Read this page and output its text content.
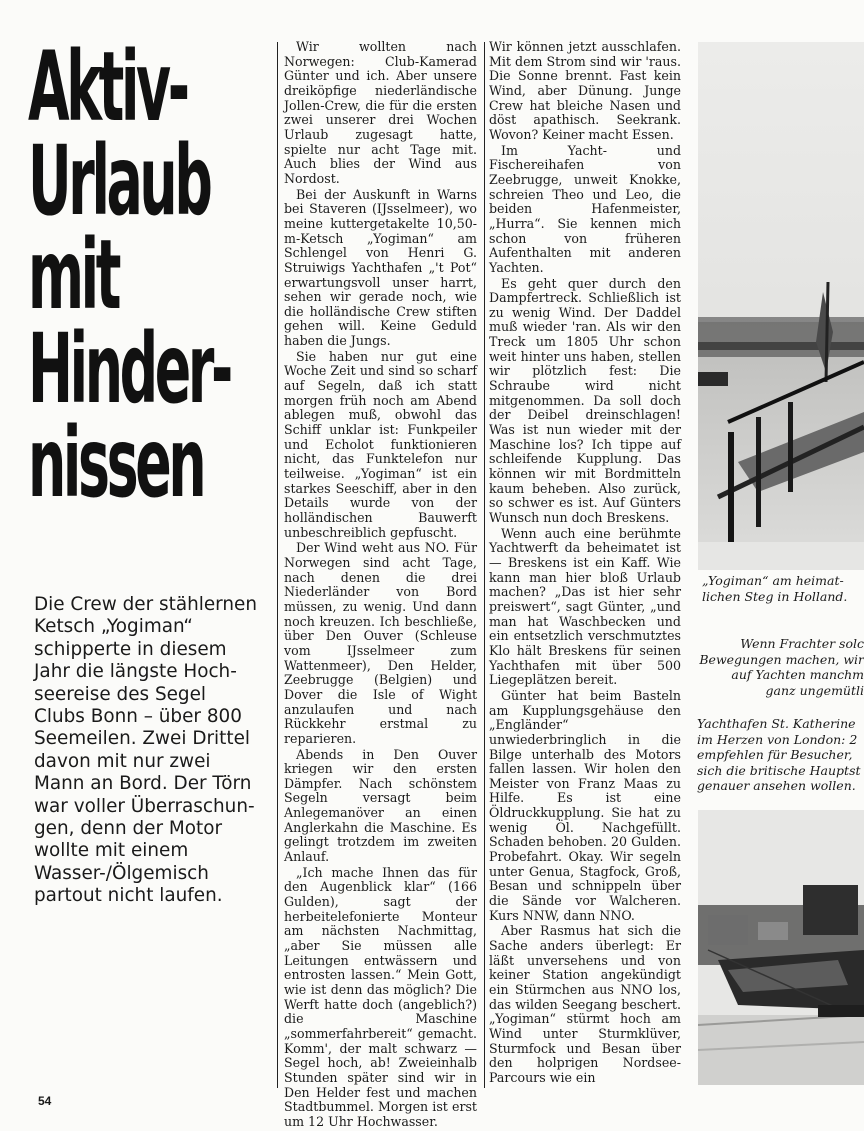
Aktiv-
Urlaub
mit
Hinder-
nissen

Die Crew der stählernen
Ketsch „Yogiman“
schipperte in diesem
Jahr die längste Hoch-
seereise des Segel
Clubs Bonn – über 800
Seemeilen. Zwei Drittel
davon mit nur zwei
Mann an Bord. Der Törn
war voller Überraschun-
gen, denn der Motor
wollte mit einem
Wasser-/Ölgemisch
partout nicht laufen.

Wir wollten nach Norwegen: Club-Kamerad Günter und ich. Aber unsere dreiköpfige niederländische Jollen-Crew, die für die ersten zwei unserer drei Wochen Urlaub zugesagt hatte, spielte nur acht Tage mit. Auch blies der Wind aus Nordost.

Bei der Auskunft in Warns bei Staveren (IJsselmeer), wo meine kuttergetakelte 10,50-m-Ketsch „Yogiman“ am Schlengel von Henri G. Struiwigs Yachthafen „'t Pot“ erwartungsvoll unser harrt, sehen wir gerade noch, wie die holländische Crew stiften gehen will. Keine Geduld haben die Jungs.

Sie haben nur gut eine Woche Zeit und sind so scharf auf Segeln, daß ich statt morgen früh noch am Abend ablegen muß, obwohl das Schiff unklar ist: Funkpeiler und Echolot funktionieren nicht, das Funktelefon nur teilweise. „Yogiman“ ist ein starkes Seeschiff, aber in den Details wurde von der holländischen Bauwerft unbeschreiblich gepfuscht.

Der Wind weht aus NO. Für Norwegen sind acht Tage, nach denen die drei Niederländer von Bord müssen, zu wenig. Und dann noch kreuzen. Ich beschließe, über Den Ouver (Schleuse vom IJsselmeer zum Wattenmeer), Den Helder, Zeebrugge (Belgien) und Dover die Isle of Wight anzulaufen und nach Rückkehr erstmal zu reparieren.

Abends in Den Ouver kriegen wir den ersten Dämpfer. Nach schönstem Segeln versagt beim Anlegemanöver an einen Anglerkahn die Maschine. Es gelingt trotzdem im zweiten Anlauf.

„Ich mache Ihnen das für den Augenblick klar“ (166 Gulden), sagt der herbeitelefonierte Monteur am nächsten Nachmittag, „aber Sie müssen alle Leitungen entwässern und entrosten lassen.“ Mein Gott, wie ist denn das möglich? Die Werft hatte doch (angeblich?) die Maschine „sommerfahrbereit“ gemacht. Komm', der malt schwarz — Segel hoch, ab! Zweieinhalb Stunden später sind wir in Den Helder fest und machen Stadtbummel. Morgen ist erst um 12 Uhr Hochwasser.

Wir können jetzt ausschlafen. Mit dem Strom sind wir 'raus. Die Sonne brennt. Fast kein Wind, aber Dünung. Junge Crew hat bleiche Nasen und döst apathisch. Seekrank. Wovon? Keiner macht Essen.

Im Yacht- und Fischereihafen von Zeebrugge, unweit Knokke, schreien Theo und Leo, die beiden Hafenmeister, „Hurra“. Sie kennen mich schon von früheren Aufenthalten mit anderen Yachten.

Es geht quer durch den Dampfertreck. Schließlich ist zu wenig Wind. Der Daddel muß wieder 'ran. Als wir den Treck um 1805 Uhr schon weit hinter uns haben, stellen wir plötzlich fest: Die Schraube wird nicht mitgenommen. Da soll doch der Deibel dreinschlagen! Was ist nun wieder mit der Maschine los? Ich tippe auf schleifende Kupplung. Das können wir mit Bordmitteln kaum beheben. Also zurück, so schwer es ist. Auf Günters Wunsch nun doch Breskens.

Wenn auch eine berühmte Yachtwerft da beheimatet ist — Breskens ist ein Kaff. Wie kann man hier bloß Urlaub machen? „Das ist hier sehr preiswert“, sagt Günter, „und man hat Waschbecken und ein entsetzlich verschmutztes Klo hält Breskens für seinen Yachthafen mit über 500 Liegeplätzen bereit.

Günter hat beim Basteln am Kupplungsgehäuse den „Engländer“ unwiederbringlich in die Bilge unterhalb des Motors fallen lassen. Wir holen den Meister von Franz Maas zu Hilfe. Es ist eine Öldruckkupplung. Sie hat zu wenig Öl. Nachgefüllt. Schaden behoben. 20 Gulden. Probefahrt. Okay. Wir segeln unter Genua, Stagfock, Groß, Besan und schnippeln über die Sände vor Walcheren. Kurs NNW, dann NNO.

Aber Rasmus hat sich die Sache anders überlegt: Er läßt unversehens und von keiner Station angekündigt ein Stürmchen aus NNO los, das wilden Seegang beschert. „Yogiman“ stürmt hoch am Wind unter Sturmklüver, Sturmfock und Besan über den holprigen Nordsee-Parcours wie ein

„Yogiman“ am heimat-
lichen Steg in Holland.
Wenn Frachter solc
Bewegungen machen, wir
auf Yachten manchm
ganz ungemütli
Yachthafen St. Katherine
im Herzen von London: 2
empfehlen für Besucher,
sich die britische Hauptst
genauer ansehen wollen.
54
